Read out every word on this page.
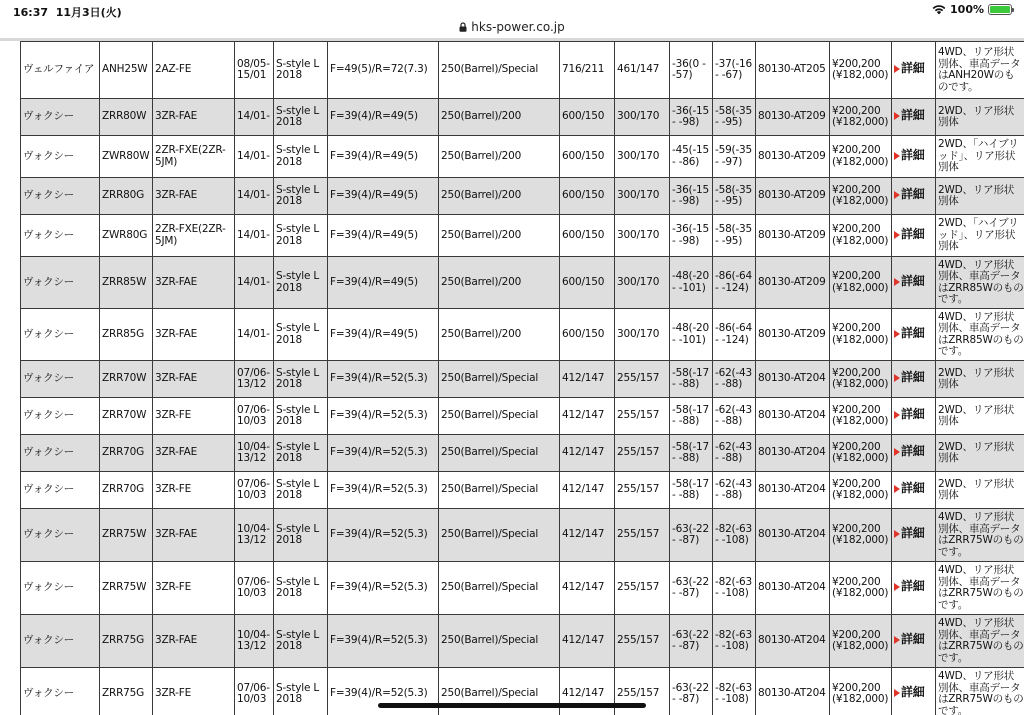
16:37 11月3日(火)	100%
hks-power.co.jp
ヴェルファイア	ANH25W	2AZ-FE	08/05-15/01	S-style L 2018	F=49(5)/R=72(7.3)	250(Barrel)/Special	716/211	461/147	-36(0 - -57)	-37(-16 - -67)	80130-AT205	¥200,200 (¥182,000)	詳細	4WD、リア形状別体、車高データはANH20Wのものです。
ヴォクシー	ZRR80W	3ZR-FAE	14/01-	S-style L 2018	F=39(4)/R=49(5)	250(Barrel)/200	600/150	300/170	-36(-15 - -98)	-58(-35 - -95)	80130-AT209	¥200,200 (¥182,000)	詳細	2WD、リア形状別体
ヴォクシー	ZWR80W	2ZR-FXE(2ZR-5JM)	14/01-	S-style L 2018	F=39(4)/R=49(5)	250(Barrel)/200	600/150	300/170	-45(-15 - -86)	-59(-35 - -97)	80130-AT209	¥200,200 (¥182,000)	詳細	2WD、「ハイブリッド」、リア形状別体
ヴォクシー	ZRR80G	3ZR-FAE	14/01-	S-style L 2018	F=39(4)/R=49(5)	250(Barrel)/200	600/150	300/170	-36(-15 - -98)	-58(-35 - -95)	80130-AT209	¥200,200 (¥182,000)	詳細	2WD、リア形状別体
ヴォクシー	ZWR80G	2ZR-FXE(2ZR-5JM)	14/01-	S-style L 2018	F=39(4)/R=49(5)	250(Barrel)/200	600/150	300/170	-36(-15 - -98)	-58(-35 - -95)	80130-AT209	¥200,200 (¥182,000)	詳細	2WD、「ハイブリッド」、リア形状別体
ヴォクシー	ZRR85W	3ZR-FAE	14/01-	S-style L 2018	F=39(4)/R=49(5)	250(Barrel)/200	600/150	300/170	-48(-20 - -101)	-86(-64 - -124)	80130-AT209	¥200,200 (¥182,000)	詳細	4WD、リア形状別体、車高データはZRR85Wのものです。
ヴォクシー	ZRR85G	3ZR-FAE	14/01-	S-style L 2018	F=39(4)/R=49(5)	250(Barrel)/200	600/150	300/170	-48(-20 - -101)	-86(-64 - -124)	80130-AT209	¥200,200 (¥182,000)	詳細	4WD、リア形状別体、車高データはZRR85Wのものです。
ヴォクシー	ZRR70W	3ZR-FAE	07/06-13/12	S-style L 2018	F=39(4)/R=52(5.3)	250(Barrel)/Special	412/147	255/157	-58(-17 - -88)	-62(-43 - -88)	80130-AT204	¥200,200 (¥182,000)	詳細	2WD、リア形状別体
ヴォクシー	ZRR70W	3ZR-FE	07/06-10/03	S-style L 2018	F=39(4)/R=52(5.3)	250(Barrel)/Special	412/147	255/157	-58(-17 - -88)	-62(-43 - -88)	80130-AT204	¥200,200 (¥182,000)	詳細	2WD、リア形状別体
ヴォクシー	ZRR70G	3ZR-FAE	10/04-13/12	S-style L 2018	F=39(4)/R=52(5.3)	250(Barrel)/Special	412/147	255/157	-58(-17 - -88)	-62(-43 - -88)	80130-AT204	¥200,200 (¥182,000)	詳細	2WD、リア形状別体
ヴォクシー	ZRR70G	3ZR-FE	07/06-10/03	S-style L 2018	F=39(4)/R=52(5.3)	250(Barrel)/Special	412/147	255/157	-58(-17 - -88)	-62(-43 - -88)	80130-AT204	¥200,200 (¥182,000)	詳細	2WD、リア形状別体
ヴォクシー	ZRR75W	3ZR-FAE	10/04-13/12	S-style L 2018	F=39(4)/R=52(5.3)	250(Barrel)/Special	412/147	255/157	-63(-22 - -87)	-82(-63 - -108)	80130-AT204	¥200,200 (¥182,000)	詳細	4WD、リア形状別体、車高データはZRR75Wのものです。
ヴォクシー	ZRR75W	3ZR-FE	07/06-10/03	S-style L 2018	F=39(4)/R=52(5.3)	250(Barrel)/Special	412/147	255/157	-63(-22 - -87)	-82(-63 - -108)	80130-AT204	¥200,200 (¥182,000)	詳細	4WD、リア形状別体、車高データはZRR75Wのものです。
ヴォクシー	ZRR75G	3ZR-FAE	10/04-13/12	S-style L 2018	F=39(4)/R=52(5.3)	250(Barrel)/Special	412/147	255/157	-63(-22 - -87)	-82(-63 - -108)	80130-AT204	¥200,200 (¥182,000)	詳細	4WD、リア形状別体、車高データはZRR75Wのものです。
ヴォクシー	ZRR75G	3ZR-FE	07/06-10/03	S-style L 2018	F=39(4)/R=52(5.3)	250(Barrel)/Special	412/147	255/157	-63(-22 - -87)	-82(-63 - -108)	80130-AT204	¥200,200 (¥182,000)	詳細	4WD、リア形状別体、車高データはZRR75Wのものです。
